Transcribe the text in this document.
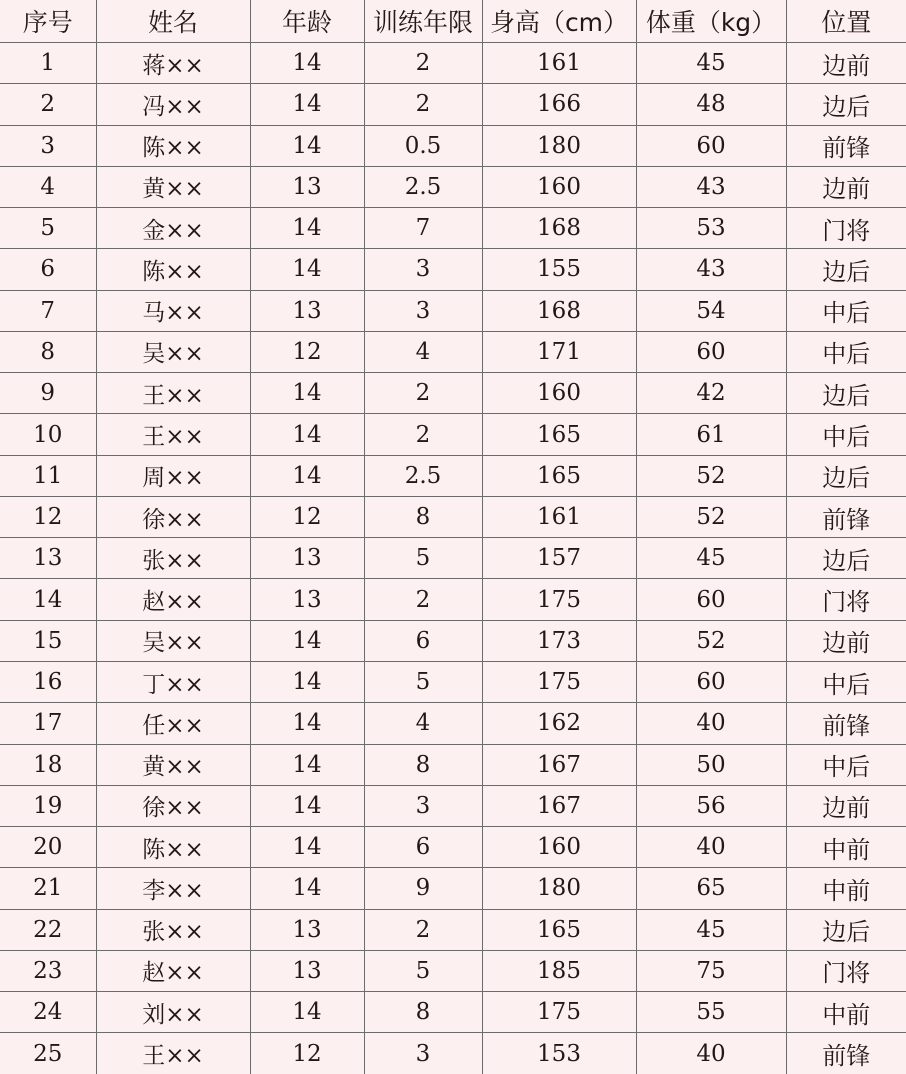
序号	姓名	年龄	训练年限	身高（cm）	体重（kg）	位置
1	蒋××	14	2	161	45	边前
2	冯××	14	2	166	48	边后
3	陈××	14	0.5	180	60	前锋
4	黄××	13	2.5	160	43	边前
5	金××	14	7	168	53	门将
6	陈××	14	3	155	43	边后
7	马××	13	3	168	54	中后
8	吴××	12	4	171	60	中后
9	王××	14	2	160	42	边后
10	王××	14	2	165	61	中后
11	周××	14	2.5	165	52	边后
12	徐××	12	8	161	52	前锋
13	张××	13	5	157	45	边后
14	赵××	13	2	175	60	门将
15	吴××	14	6	173	52	边前
16	丁××	14	5	175	60	中后
17	任××	14	4	162	40	前锋
18	黄××	14	8	167	50	中后
19	徐××	14	3	167	56	边前
20	陈××	14	6	160	40	中前
21	李××	14	9	180	65	中前
22	张××	13	2	165	45	边后
23	赵××	13	5	185	75	门将
24	刘××	14	8	175	55	中前
25	王××	12	3	153	40	前锋
